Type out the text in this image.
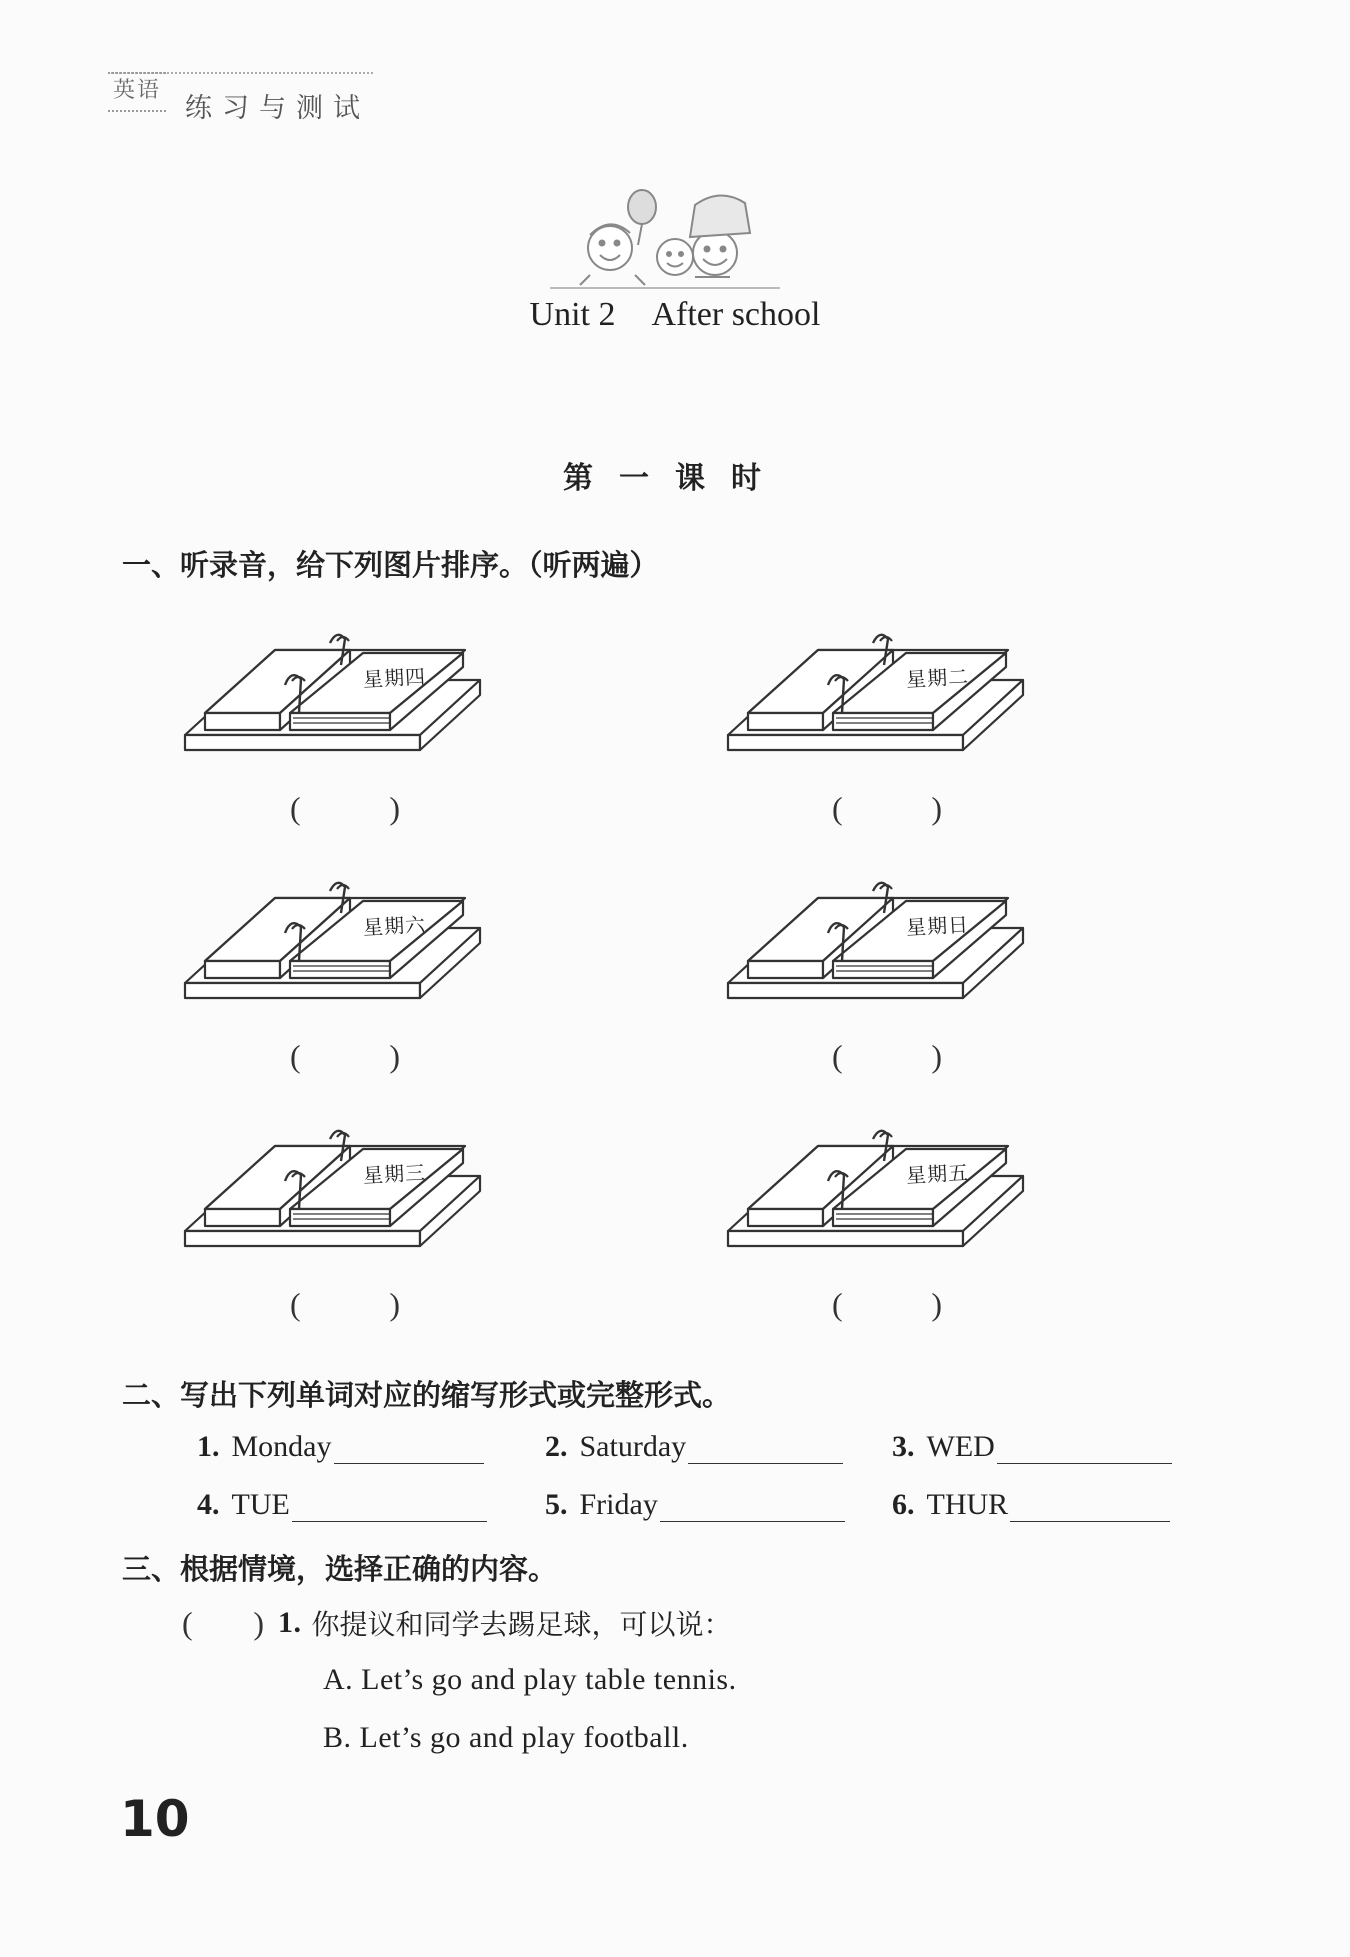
英语
练习与测试
Unit 2 After school
第一课时
一、听录音，给下列图片排序。（听两遍）
星期四	星期二
(	)	(	)
星期六	星期日
(	)	(	)
星期三	星期五
(	)	(	)
二、写出下列单词对应的缩写形式或完整形式。
1. Monday	2. Saturday	3. WED
4. TUE	5. Friday	6. THUR
三、根据情境，选择正确的内容。
( ) 1. 你提议和同学去踢足球，可以说：
A. Let’s go and play table tennis.
B. Let’s go and play football.
10
